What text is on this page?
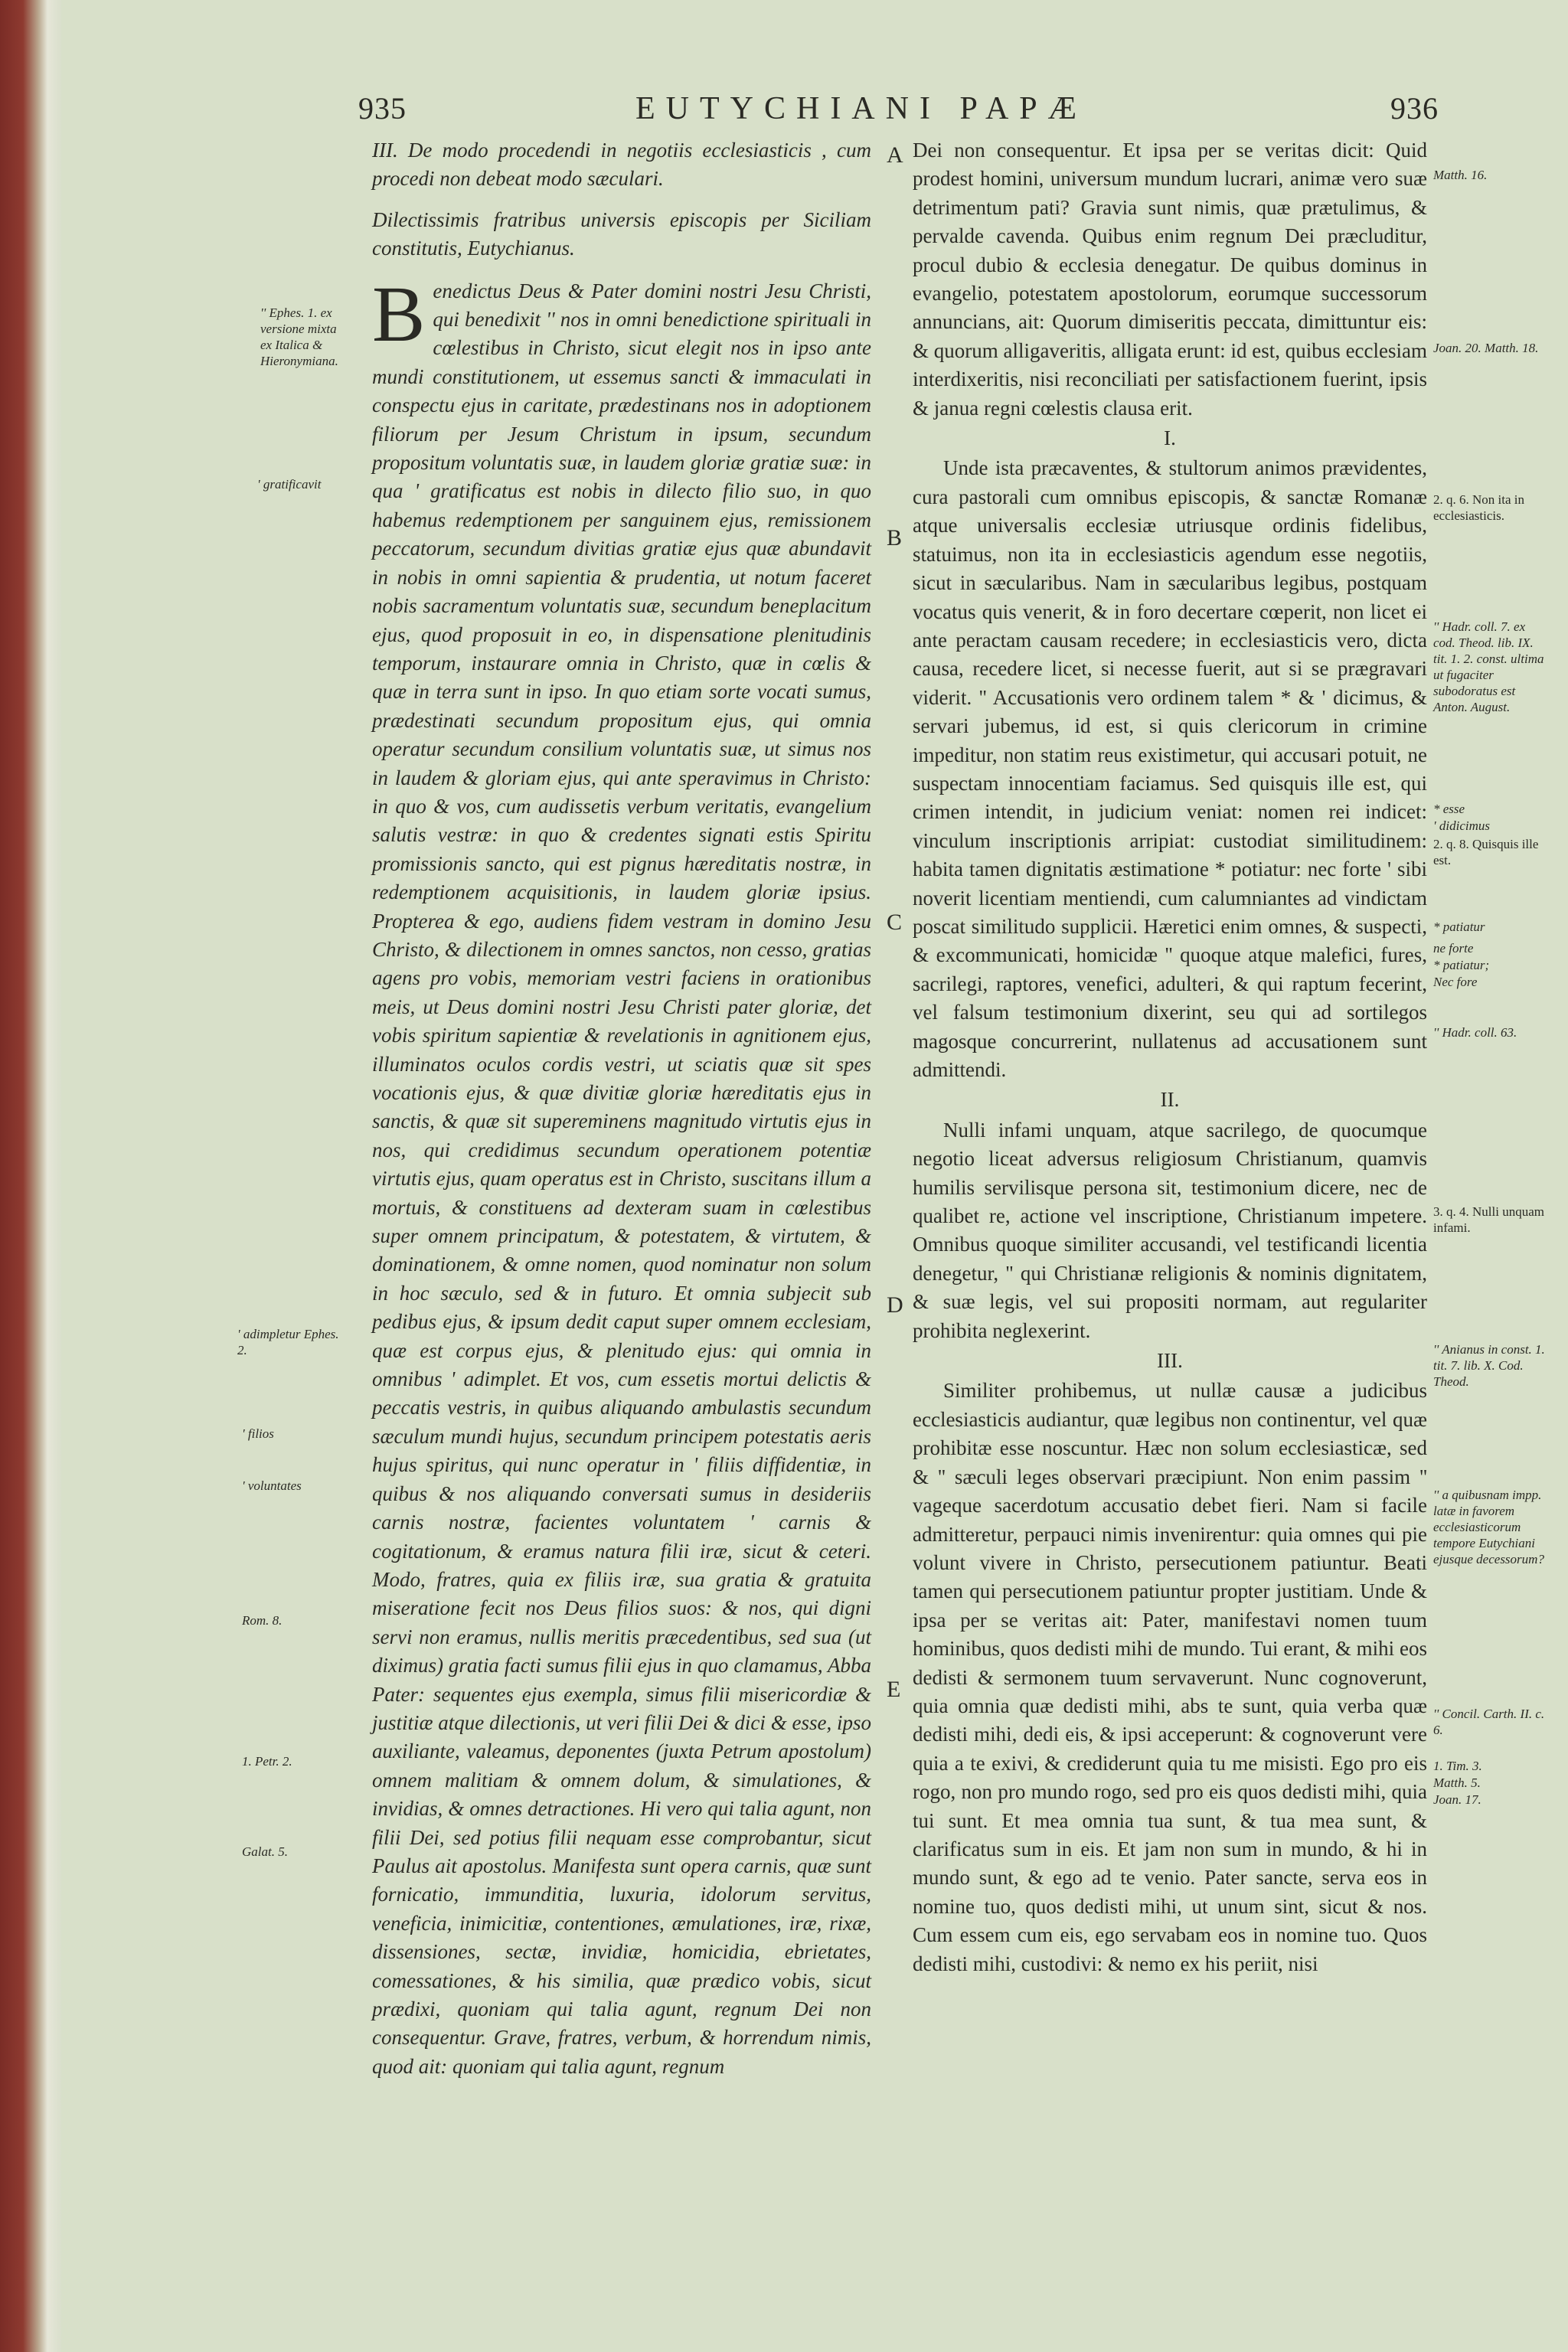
935	EUTYCHIANI PAPÆ	936

III. De modo procedendi in negotiis ecclesiasticis , cum procedi non debeat modo sæculari.

Dilectissimis fratribus universis episcopis per Siciliam constitutis, Eutychianus.

B enedictus Deus & Pater domini nostri Jesu Christi, qui benedixit '' nos in omni benedictione spirituali in cœlestibus in Christo, sicut elegit nos in ipso ante mundi constitutionem, ut essemus sancti & immaculati in conspectu ejus in caritate, prædestinans nos in adoptionem filiorum per Jesum Christum in ipsum, secundum propositum voluntatis suæ, in laudem gloriæ gratiæ suæ: in qua ' gratificatus est nobis in dilecto filio suo, in quo habemus redemptionem per sanguinem ejus, remissionem peccatorum, secundum divitias gratiæ ejus quæ abundavit in nobis in omni sapientia & prudentia, ut notum faceret nobis sacramentum voluntatis suæ, secundum beneplacitum ejus, quod proposuit in eo, in dispensatione plenitudinis temporum, instaurare omnia in Christo, quæ in cœlis & quæ in terra sunt in ipso. In quo etiam sorte vocati sumus, prædestinati secundum propositum ejus, qui omnia operatur secundum consilium voluntatis suæ, ut simus nos in laudem & gloriam ejus, qui ante speravimus in Christo: in quo & vos, cum audissetis verbum veritatis, evangelium salutis vestræ: in quo & credentes signati estis Spiritu promissionis sancto, qui est pignus hæreditatis nostræ, in redemptionem acquisitionis, in laudem gloriæ ipsius. Propterea & ego, audiens fidem vestram in domino Jesu Christo, & dilectionem in omnes sanctos, non cesso, gratias agens pro vobis, memoriam vestri faciens in orationibus meis, ut Deus domini nostri Jesu Christi pater gloriæ, det vobis spiritum sapientiæ & revelationis in agnitionem ejus, illuminatos oculos cordis vestri, ut sciatis quæ sit spes vocationis ejus, & quæ divitiæ gloriæ hæreditatis ejus in sanctis, & quæ sit supereminens magnitudo virtutis ejus in nos, qui credidimus secundum operationem potentiæ virtutis ejus, quam operatus est in Christo, suscitans illum a mortuis, & constituens ad dexteram suam in cœlestibus super omnem principatum, & potestatem, & virtutem, & dominationem, & omne nomen, quod nominatur non solum in hoc sæculo, sed & in futuro. Et omnia subjecit sub pedibus ejus, & ipsum dedit caput super omnem ecclesiam, quæ est corpus ejus, & plenitudo ejus: qui omnia in omnibus ' adimplet. Et vos, cum essetis mortui delictis & peccatis vestris, in quibus aliquando ambulastis secundum sæculum mundi hujus, secundum principem potestatis aeris hujus spiritus, qui nunc operatur in ' filiis diffidentiæ, in quibus & nos aliquando conversati sumus in desideriis carnis nostræ, facientes voluntatem ' carnis & cogitationum, & eramus natura filii iræ, sicut & ceteri. Modo, fratres, quia ex filiis iræ, sua gratia & gratuita miseratione fecit nos Deus filios suos: & nos, qui digni servi non eramus, nullis meritis præcedentibus, sed sua (ut diximus) gratia facti sumus filii ejus in quo clamamus, Abba Pater: sequentes ejus exempla, simus filii misericordiæ & justitiæ atque dilectionis, ut veri filii Dei & dici & esse, ipso auxiliante, valeamus, deponentes (juxta Petrum apostolum) omnem malitiam & omnem dolum, & simulationes, & invidias, & omnes detractiones. Hi vero qui talia agunt, non filii Dei, sed potius filii nequam esse comprobantur, sicut Paulus ait apostolus. Manifesta sunt opera carnis, quæ sunt fornicatio, immunditia, luxuria, idolorum servitus, veneficia, inimicitiæ, contentiones, æmulationes, iræ, rixæ, dissensiones, sectæ, invidiæ, homicidia, ebrietates, comessationes, & his similia, quæ prædico vobis, sicut prædixi, quoniam qui talia agunt, regnum Dei non consequentur. Grave, fratres, verbum, & horrendum nimis, quod ait: quoniam qui talia agunt, regnum

Dei non consequentur. Et ipsa per se veritas dicit: Quid prodest homini, universum mundum lucrari, animæ vero suæ detrimentum pati? Gravia sunt nimis, quæ prætulimus, & pervalde cavenda. Quibus enim regnum Dei præcluditur, procul dubio & ecclesia denegatur. De quibus dominus in evangelio, potestatem apostolorum, eorumque successorum annuncians, ait: Quorum dimiseritis peccata, dimittuntur eis: & quorum alligaveritis, alligata erunt: id est, quibus ecclesiam interdixeritis, nisi reconciliati per satisfactionem fuerint, ipsis & janua regni cœlestis clausa erit.

I.

Unde ista præcaventes, & stultorum animos prævidentes, cura pastorali cum omnibus episcopis, & sanctæ Romanæ atque universalis ecclesiæ utriusque ordinis fidelibus, statuimus, non ita in ecclesiasticis agendum esse negotiis, sicut in sæcularibus. Nam in sæcularibus legibus, postquam vocatus quis venerit, & in foro decertare cœperit, non licet ei ante peractam causam recedere; in ecclesiasticis vero, dicta causa, recedere licet, si necesse fuerit, aut si se prægravari viderit. '' Accusationis vero ordinem talem * & ' dicimus, & servari jubemus, id est, si quis clericorum in crimine impeditur, non statim reus existimetur, qui accusari potuit, ne suspectam innocentiam faciamus. Sed quisquis ille est, qui crimen intendit, in judicium veniat: nomen rei indicet: vinculum inscriptionis arripiat: custodiat similitudinem: habita tamen dignitatis æstimatione * potiatur: nec forte ' sibi noverit licentiam mentiendi, cum calumniantes ad vindictam poscat similitudo supplicii. Hæretici enim omnes, & suspecti, & excommunicati, homicidæ '' quoque atque malefici, fures, sacrilegi, raptores, venefici, adulteri, & qui raptum fecerint, vel falsum testimonium dixerint, seu qui ad sortilegos magosque concurrerint, nullatenus ad accusationem sunt admittendi.

II.

Nulli infami unquam, atque sacrilego, de quocumque negotio liceat adversus religiosum Christianum, quamvis humilis servilisque persona sit, testimonium dicere, nec de qualibet re, actione vel inscriptione, Christianum impetere. Omnibus quoque similiter accusandi, vel testificandi licentia denegetur, '' qui Christianæ religionis & nominis dignitatem, & suæ legis, vel sui propositi normam, aut regulariter prohibita neglexerint.

III.

Similiter prohibemus, ut nullæ causæ a judicibus ecclesiasticis audiantur, quæ legibus non continentur, vel quæ prohibitæ esse noscuntur. Hæc non solum ecclesiasticæ, sed & '' sæculi leges observari præcipiunt. Non enim passim '' vageque sacerdotum accusatio debet fieri. Nam si facile admitteretur, perpauci nimis invenirentur: quia omnes qui pie volunt vivere in Christo, persecutionem patiuntur. Beati tamen qui persecutionem patiuntur propter justitiam. Unde & ipsa per se veritas ait: Pater, manifestavi nomen tuum hominibus, quos dedisti mihi de mundo. Tui erant, & mihi eos dedisti & sermonem tuum servaverunt. Nunc cognoverunt, quia omnia quæ dedisti mihi, abs te sunt, quia verba quæ dedisti mihi, dedi eis, & ipsi acceperunt: & cognoverunt vere quia a te exivi, & crediderunt quia tu me misisti. Ego pro eis rogo, non pro mundo rogo, sed pro eis quos dedisti mihi, quia tui sunt. Et mea omnia tua sunt, & tua mea sunt, & clarificatus sum in eis. Et jam non sum in mundo, & hi in mundo sunt, & ego ad te venio. Pater sancte, serva eos in nomine tuo, quos dedisti mihi, ut unum sint, sicut & nos. Cum essem cum eis, ego servabam eos in nomine tuo. Quos dedisti mihi, custodivi: & nemo ex his periit, nisi

A
B
C
D
E
'' Ephes. 1. ex versione mixta ex Italica & Hieronymiana.
' gratificavit
' adimpletur Ephes. 2.
' filios
' voluntates
Rom. 8.
1. Petr. 2.
Galat. 5.
Matth. 16.
Joan. 20. Matth. 18.
2. q. 6. Non ita in ecclesiasticis.
'' Hadr. coll. 7. ex cod. Theod. lib. IX. tit. 1. 2. const. ultima ut fugaciter subodoratus est Anton. August.
* esse
' didicimus
2. q. 8. Quisquis ille est.
* patiatur
ne forte
* patiatur;
Nec fore
'' Hadr. coll. 63.
3. q. 4. Nulli unquam infami.
'' Anianus in const. 1. tit. 7. lib. X. Cod. Theod.
'' a quibusnam impp. latæ in favorem ecclesiasticorum tempore Eutychiani ejusque decessorum?
'' Concil. Carth. II. c. 6.
1. Tim. 3.
Matth. 5.
Joan. 17.
